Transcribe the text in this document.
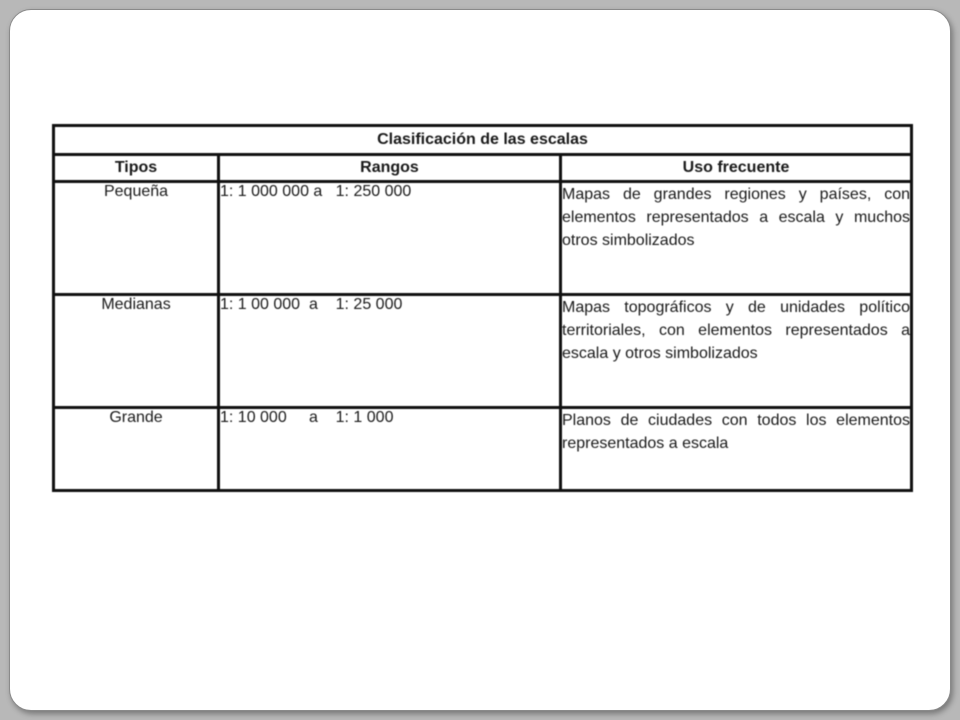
Clasificación de las escalas		
Tipos	Rangos	Uso frecuente
Pequeña	1: 1 000 000 a   1: 250 000	Mapas de grandes regiones y países, con elementos representados a escala y muchos otros simbolizados
Medianas	1: 1 00 000  a    1: 25 000	Mapas topográficos y de unidades político territoriales, con elementos representados a escala y otros simbolizados
Grande	1: 10 000     a    1: 1 000	Planos de ciudades con todos los elementos representados a escala
